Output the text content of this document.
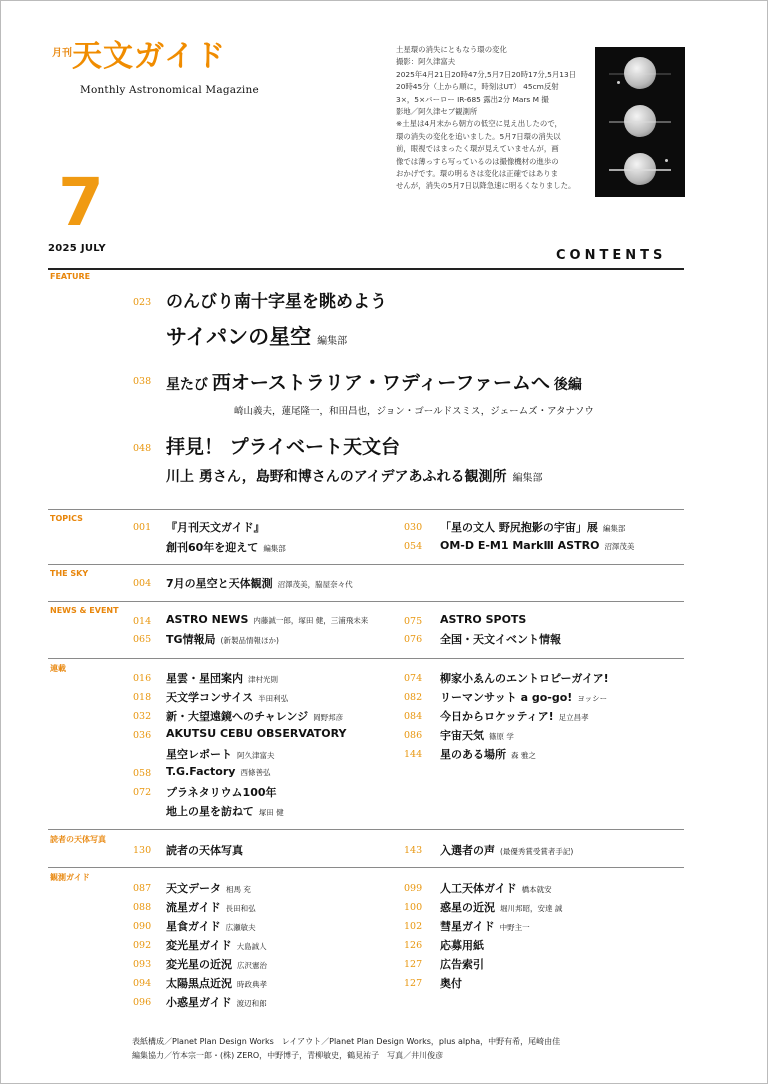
月刊 天文ガイド
Monthly Astronomical Magazine
7
2025 JULY
土星環の消失にともなう環の変化
撮影：阿久津富夫
2025年4月21日20時47分,5月7日20時17分,5月13日
20時45分（上から順に，時刻はUT） 45cm反射
3×，5×バーロー IR-685 露出2分 Mars M 撮
影地／阿久津セブ観測所
※土星は4月末から朝方の低空に見え出したので，
環の消失の変化を追いました。5月7日環の消失以
前，眼視ではまったく環が見えていませんが，画
像では薄っすら写っているのは撮像機材の進歩の
おかげです。環の明るさは変化は正確ではありま
せんが，消失の5月7日以降急速に明るくなりました。
CONTENTS
FEATURE
023 のんびり南十字星を眺めよう
サイパンの星空 編集部
038 星たび 西オーストラリア・ワディーファームへ 後編
崎山義夫，蓮尾隆一，和田昌也，ジョン・ゴールドスミス，ジェームズ・アタナソウ
048 拝見！ プライベート天文台
川上 勇さん，島野和博さんのアイデアあふれる観測所 編集部
TOPICS
001 『月刊天文ガイド』
創刊60年を迎えて 編集部
030 「星の文人 野尻抱影の宇宙」展 編集部
054 OM-D E-M1 MarkⅢ ASTRO 沼澤茂美
THE SKY
004 7月の星空と天体観測 沼澤茂美，脇屋奈々代
NEWS & EVENT
014 ASTRO NEWS 内藤誠一郎，塚田 健，三浦飛未来
065 TG情報局 (新製品情報ほか)
075 ASTRO SPOTS
076 全国・天文イベント情報
連載
016 星雲・星団案内 津村光則
018 天文学コンサイス 半田利弘
032 新・大望遠鏡へのチャレンジ 岡野邦彦
036 AKUTSU CEBU OBSERVATORY
星空レポート 阿久津富夫
058 T.G.Factory 西條善弘
072 プラネタリウム100年
地上の星を訪ねて 塚田 健
074 柳家小ゑんのエントロピーガイア!
082 リーマンサット a go-go! ヨッシー
084 今日からロケッティア! 足立昌孝
086 宇宙天気 篠原 学
144 星のある場所 森 雅之
読者の天体写真
130 読者の天体写真	143 入選者の声 (最優秀賞受賞者手記)
観測ガイド
087 天文データ 相馬 充
088 流星ガイド 長田和弘
090 星食ガイド 広瀬敏夫
092 変光星ガイド 大島誠人
093 変光星の近況 広沢憲治
094 太陽黒点近況 時政典孝
096 小惑星ガイド 渡辺和郎
099 人工天体ガイド 橋本就安
100 惑星の近況 堀川邦昭，安達 誠
102 彗星ガイド 中野主一
126 応募用紙
127 広告索引
127 奥付
表紙構成／Planet Plan Design Works　レイアウト／Planet Plan Design Works，plus alpha，中野有希，尾崎由佳
編集協力／竹本宗一郎・(株) ZERO，中野博子，青柳敏史，鶴見祐子　写真／井川俊彦
